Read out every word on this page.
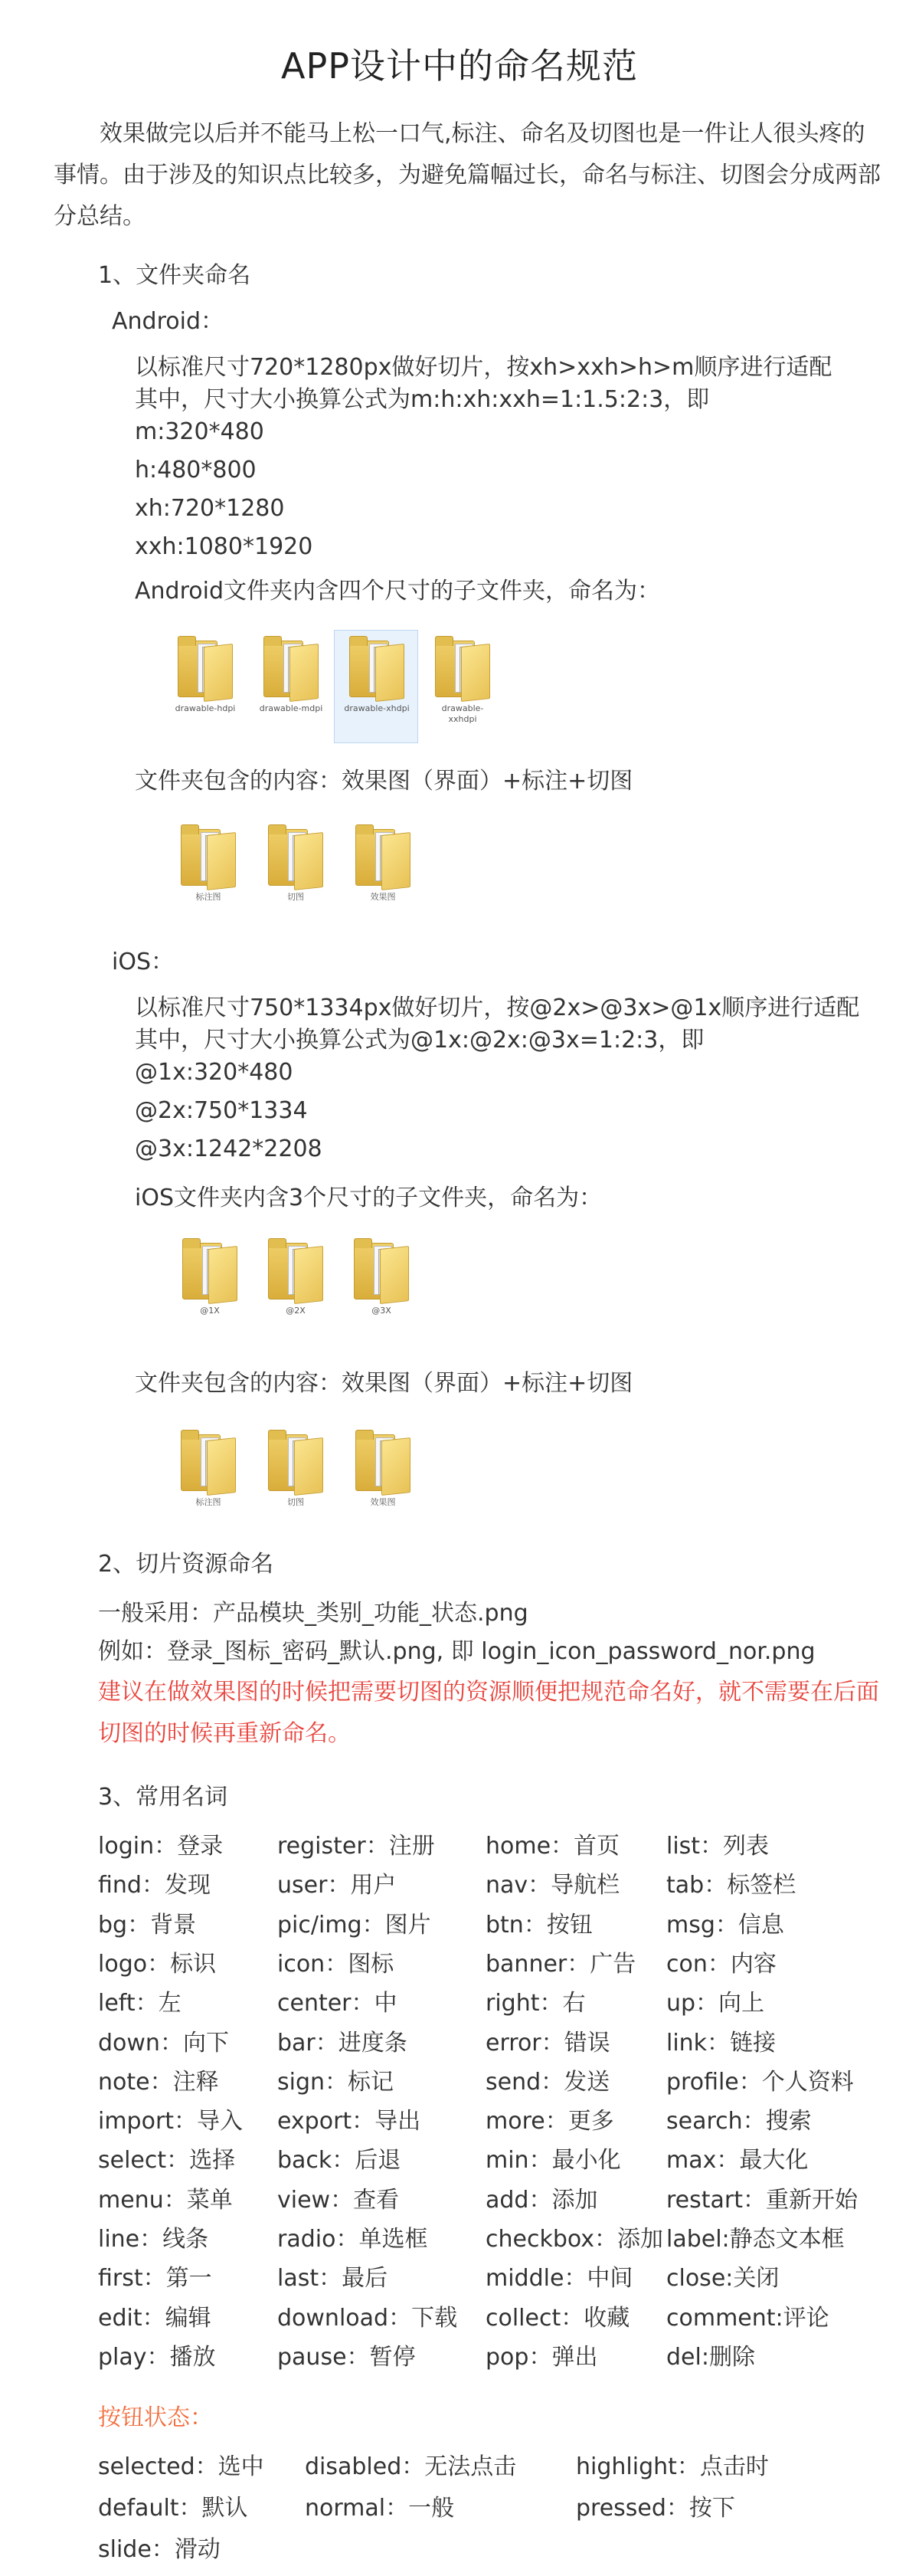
APP设计中的命名规范
效果做完以后并不能马上松一口气,标注、命名及切图也是一件让人很头疼的事情。由于涉及的知识点比较多，为避免篇幅过长，命名与标注、切图会分成两部分总结。
1、文件夹命名
Android：
以标准尺寸720*1280px做好切片，按xh>xxh>h>m顺序进行适配
其中，尺寸大小换算公式为m:h:xh:xxh=1:1.5:2:3，即
m:320*480
h:480*800
xh:720*1280
xxh:1080*1920
Android文件夹内含四个尺寸的子文件夹，命名为：
drawable-hdpi	drawable-mdpi	drawable-xhdpi	drawable-xxhdpi
文件夹包含的内容：效果图（界面）+标注+切图
标注图	切图	效果图
iOS：
以标准尺寸750*1334px做好切片，按@2x>@3x>@1x顺序进行适配
其中，尺寸大小换算公式为@1x:@2x:@3x=1:2:3，即
@1x:320*480
@2x:750*1334
@3x:1242*2208
iOS文件夹内含3个尺寸的子文件夹，命名为：
@1X	@2X	@3X
文件夹包含的内容：效果图（界面）+标注+切图
标注图	切图	效果图
2、切片资源命名
一般采用：产品模块_类别_功能_状态.png
例如：登录_图标_密码_默认.png, 即 login_icon_password_nor.png
建议在做效果图的时候把需要切图的资源顺便把规范命名好，就不需要在后面切图的时候再重新命名。
3、常用名词
login：登录 register：注册 home：首页 list：列表
find：发现	user：用户	nav：导航栏 tab：标签栏
bg：背景	pic/img：图片 btn：按钮	msg：信息
logo：标识	icon：图标	banner：广告 con：内容
left：左	center：中	right：右	up：向上
down：向下 bar：进度条	error：错误 link：链接
note：注释	sign：标记	send：发送 profile：个人资料
import：导入 export：导出	more：更多 search：搜索
select：选择 back：后退	min：最小化 max：最大化
menu：菜单 view：查看	add：添加	restart：重新开始
line：线条	radio：单选框	checkbox：添加 label:静态文本框
first：第一	last：最后	middle：中间 close:关闭
edit：编辑	download：下载 collect：收藏 comment:评论
play：播放	pause：暂停	pop：弹出	del:删除
按钮状态：
selected：选中 disabled：无法点击	highlight：点击时
default：默认 normal：一般	pressed：按下
slide：滑动
